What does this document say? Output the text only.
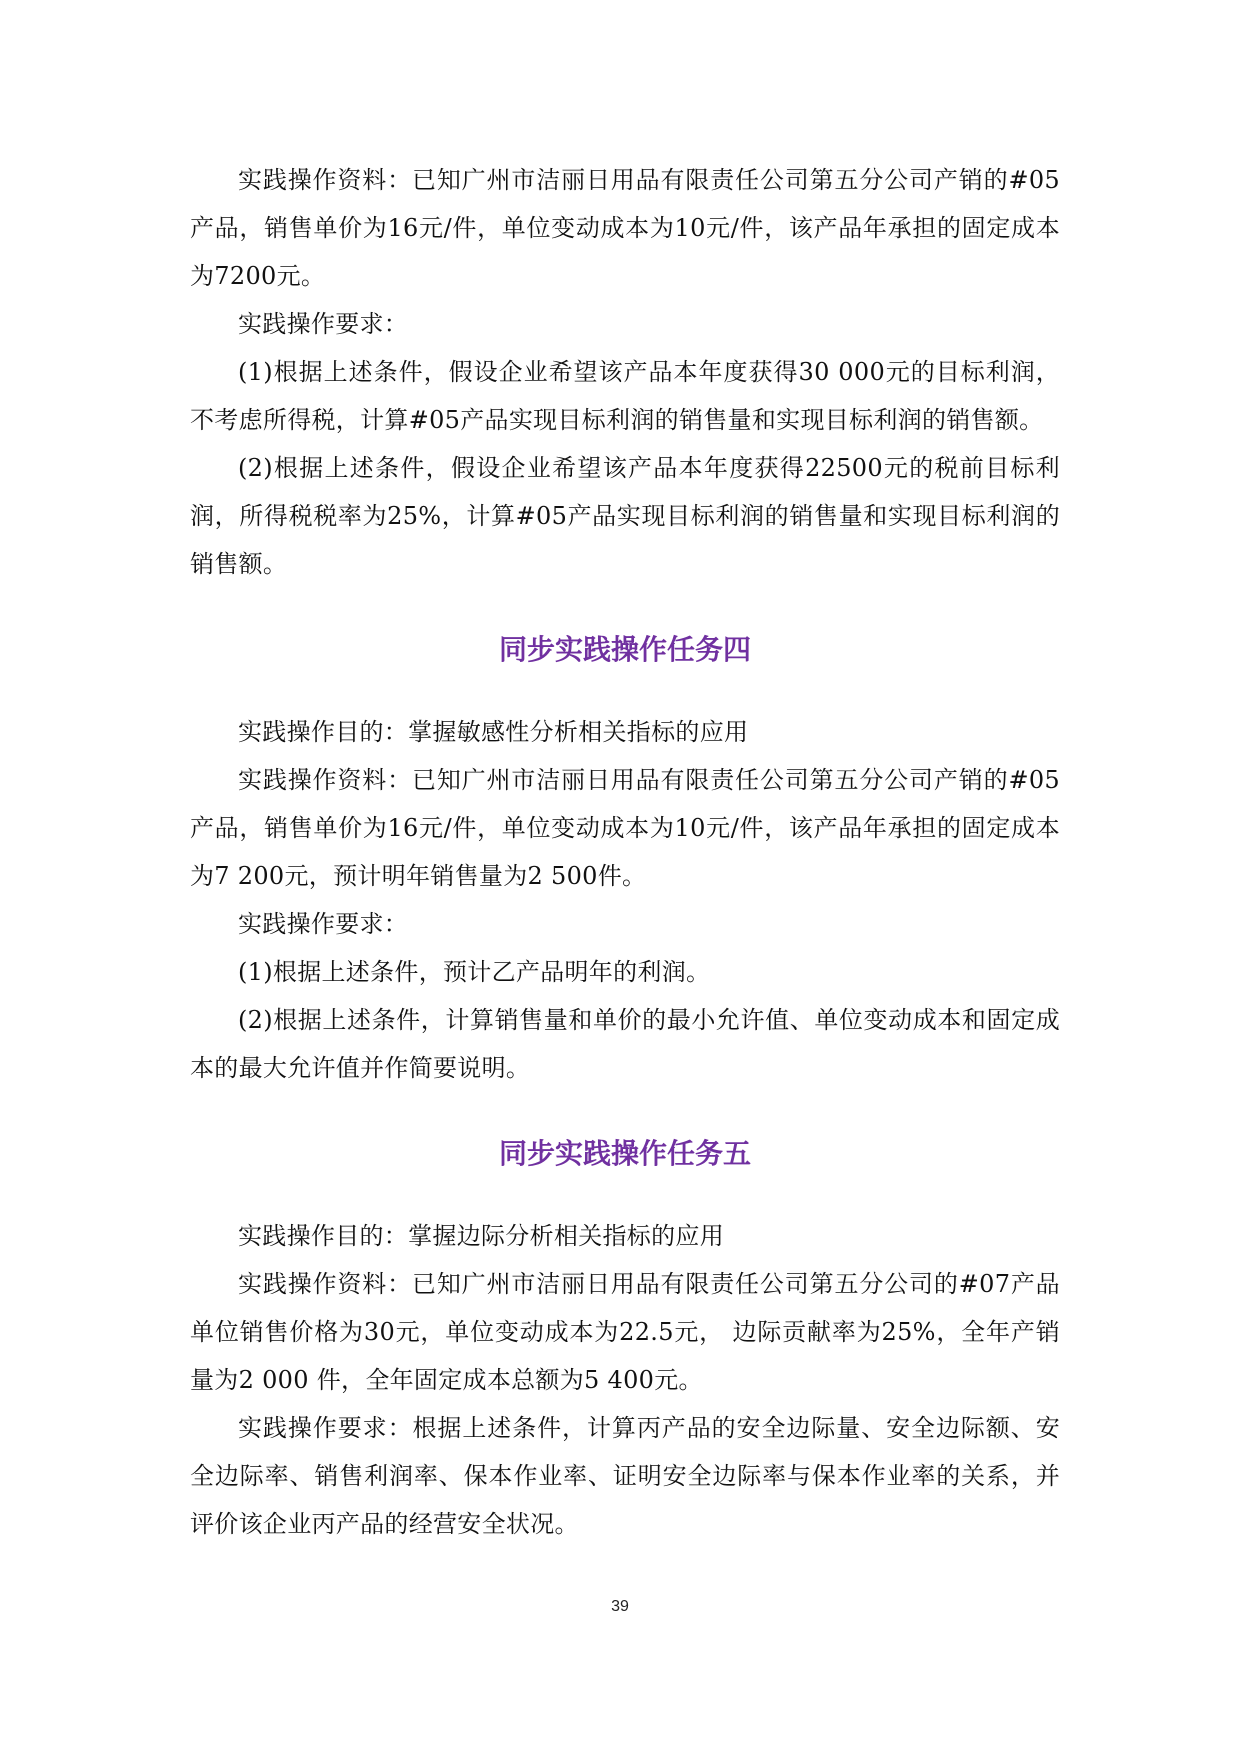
实践操作资料：已知广州市洁丽日用品有限责任公司第五分公司产销的#05产品，销售单价为16元/件，单位变动成本为10元/件，该产品年承担的固定成本为7200元。

实践操作要求：

(1)根据上述条件，假设企业希望该产品本年度获得30 000元的目标利润，不考虑所得税，计算#05产品实现目标利润的销售量和实现目标利润的销售额。

(2)根据上述条件，假设企业希望该产品本年度获得22500元的税前目标利润，所得税税率为25%，计算#05产品实现目标利润的销售量和实现目标利润的销售额。

同步实践操作任务四

实践操作目的：掌握敏感性分析相关指标的应用

实践操作资料：已知广州市洁丽日用品有限责任公司第五分公司产销的#05产品，销售单价为16元/件，单位变动成本为10元/件，该产品年承担的固定成本为7 200元，预计明年销售量为2 500件。

实践操作要求：

(1)根据上述条件，预计乙产品明年的利润。

(2)根据上述条件，计算销售量和单价的最小允许值、单位变动成本和固定成本的最大允许值并作简要说明。

同步实践操作任务五

实践操作目的：掌握边际分析相关指标的应用

实践操作资料：已知广州市洁丽日用品有限责任公司第五分公司的#07产品单位销售价格为30元，单位变动成本为22.5元， 边际贡献率为25%，全年产销量为2 000 件，全年固定成本总额为5 400元。

实践操作要求：根据上述条件，计算丙产品的安全边际量、安全边际额、安全边际率、销售利润率、保本作业率、证明安全边际率与保本作业率的关系，并评价该企业丙产品的经营安全状况。

39
